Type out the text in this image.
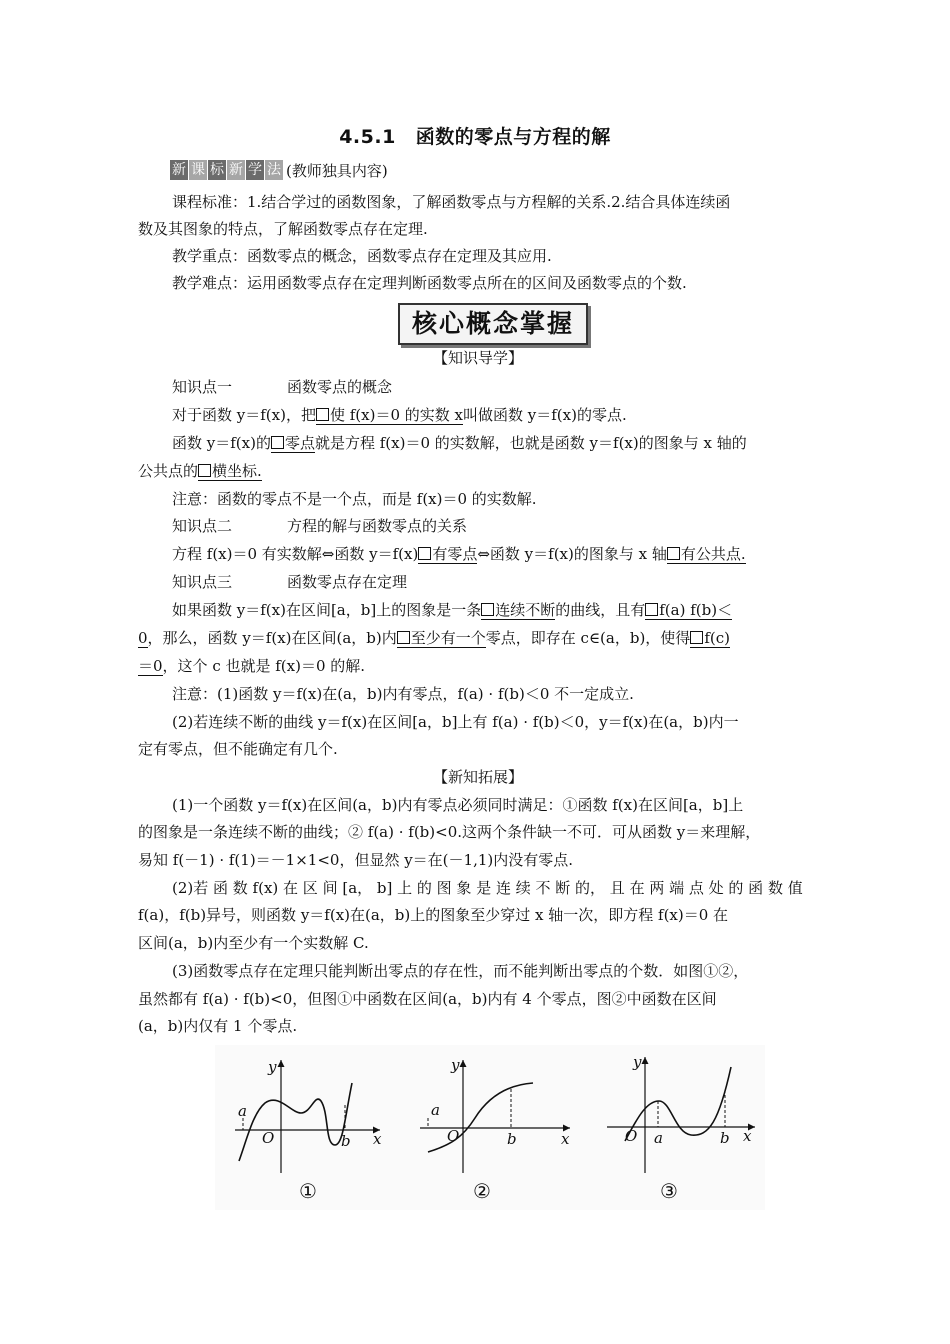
4.5.1 函数的零点与方程的解
新 课 标 新 学 法 (教师独具内容)
课程标准：1.结合学过的函数图象，了解函数零点与方程解的关系.2.结合具体连续函
数及其图象的特点，了解函数零点存在定理.
教学重点：函数零点的概念，函数零点存在定理及其应用.
教学难点：运用函数零点存在定理判断函数零点所在的区间及函数零点的个数.
核心概念掌握
【知识导学】
知识点一	函数零点的概念
对于函数 y＝f(x)，把 使 f(x)＝0 的实数 x叫做函数 y＝f(x)的零点.
函数 y＝f(x)的 零点就是方程 f(x)＝0 的实数解，也就是函数 y＝f(x)的图象与 x 轴的
公共点的 横坐标.
注意：函数的零点不是一个点，而是 f(x)＝0 的实数解.
知识点二	方程的解与函数零点的关系
方程 f(x)＝0 有实数解⇔函数 y＝f(x) 有零点⇔函数 y＝f(x)的图象与 x 轴 有公共点.
知识点三	函数零点存在定理
如果函数 y＝f(x)在区间[a，b]上的图象是一条 连续不断的曲线，且有 f(a) f(b)＜
0，那么，函数 y＝f(x)在区间(a，b)内 至少有一个零点，即存在 c∈(a，b)，使得 f(c)
＝0，这个 c 也就是 f(x)＝0 的解.
注意：(1)函数 y＝f(x)在(a，b)内有零点，f(a) · f(b)＜0 不一定成立.
(2)若连续不断的曲线 y＝f(x)在区间[a，b]上有 f(a) · f(b)＜0，y＝f(x)在(a，b)内一
定有零点，但不能确定有几个.
【新知拓展】
(1)一个函数 y＝f(x)在区间(a，b)内有零点必须同时满足：①函数 f(x)在区间[a，b]上
的图象是一条连续不断的曲线；② f(a) · f(b)<0.这两个条件缺一不可．可从函数 y＝来理解，
易知 f(－1) · f(1)＝－1×1<0，但显然 y＝在(－1,1)内没有零点.
(2)若 函 数 f(x) 在 区 间 [a， b] 上 的 图 象 是 连 续 不 断 的， 且 在 两 端 点 处 的 函 数 值
f(a)，f(b)异号，则函数 y＝f(x)在(a，b)上的图象至少穿过 x 轴一次，即方程 f(x)＝0 在
区间(a，b)内至少有一个实数解 C.
(3)函数零点存在定理只能判断出零点的存在性，而不能判断出零点的个数．如图①②，
虽然都有 f(a) · f(b)<0，但图①中函数在区间(a，b)内有 4 个零点，图②中函数在区间
(a，b)内仅有 1 个零点.
y
x
O
a
b
①
y
x
O
a
b
②
y
x
O a	b
③
